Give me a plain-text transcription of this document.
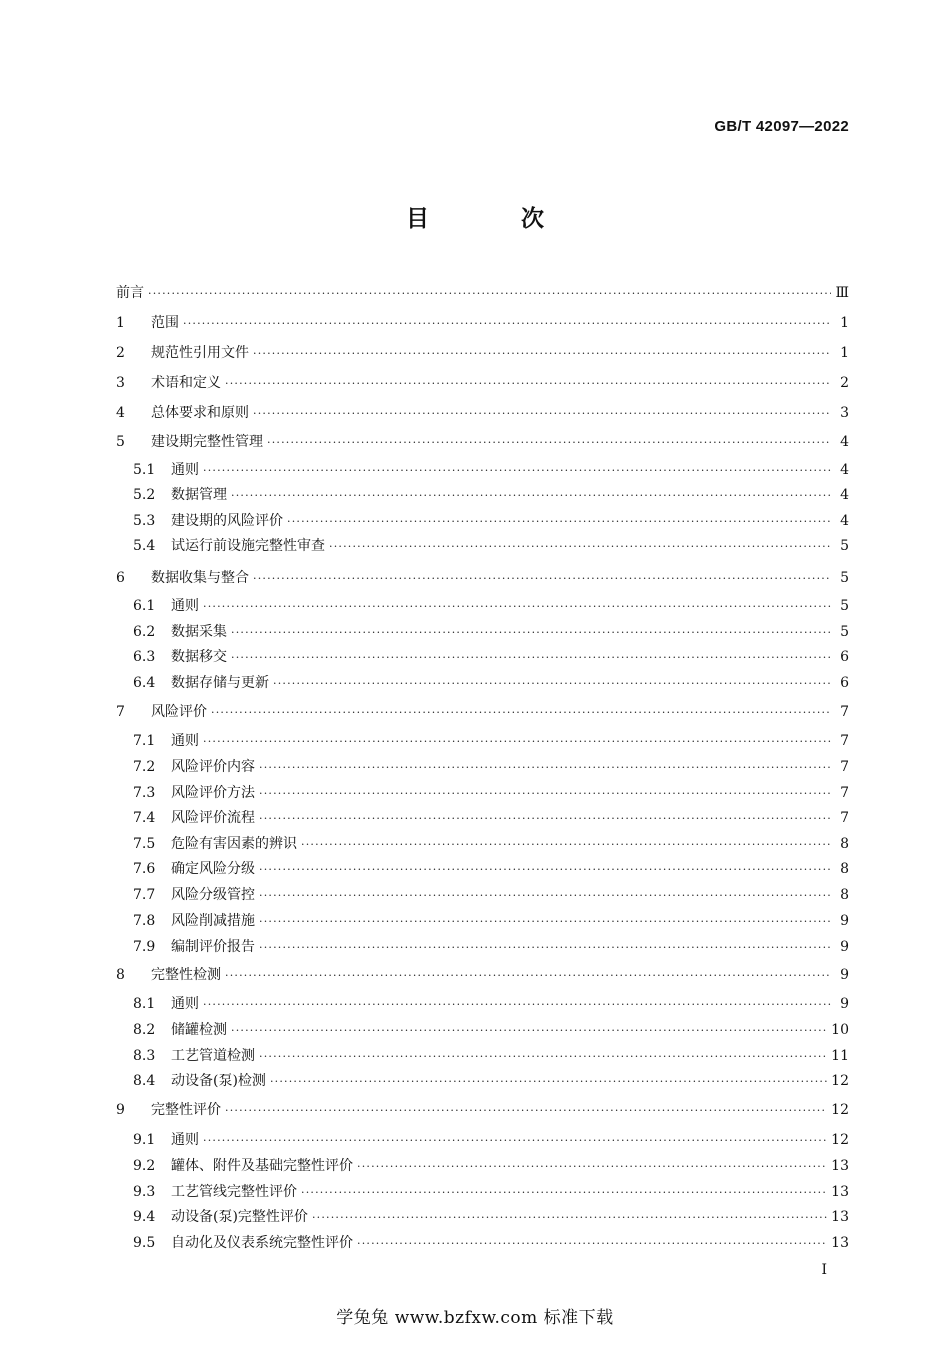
GB/T 42097—2022
目 次
前言 ·····	Ⅲ
1	范围 ·····	1
2	规范性引用文件 ·····	1
3	术语和定义 ·····	2
4	总体要求和原则 ·····	3
5	建设期完整性管理 ·····	4
5.1	通则 ·····	4
5.2	数据管理 ·····	4
5.3	建设期的风险评价 ·····	4
5.4	试运行前设施完整性审查 ·····	5
6	数据收集与整合 ·····	5
6.1	通则 ·····	5
6.2	数据采集 ·····	5
6.3	数据移交 ·····	6
6.4	数据存储与更新 ·····	6
7	风险评价 ·····	7
7.1	通则 ·····	7
7.2	风险评价内容 ·····	7
7.3	风险评价方法 ·····	7
7.4	风险评价流程 ·····	7
7.5	危险有害因素的辨识 ·····	8
7.6	确定风险分级 ·····	8
7.7	风险分级管控 ·····	8
7.8	风险削减措施 ·····	9
7.9	编制评价报告 ·····	9
8	完整性检测 ·····	9
8.1	通则 ·····	9
8.2	储罐检测 ·····	10
8.3	工艺管道检测 ·····	11
8.4	动设备(泵)检测 ·····	12
9	完整性评价 ·····	12
9.1	通则 ·····	12
9.2	罐体、附件及基础完整性评价 ·····	13
9.3	工艺管线完整性评价 ·····	13
9.4	动设备(泵)完整性评价 ·····	13
9.5	自动化及仪表系统完整性评价 ·····	13
I
学兔兔 www.bzfxw.com 标准下载
